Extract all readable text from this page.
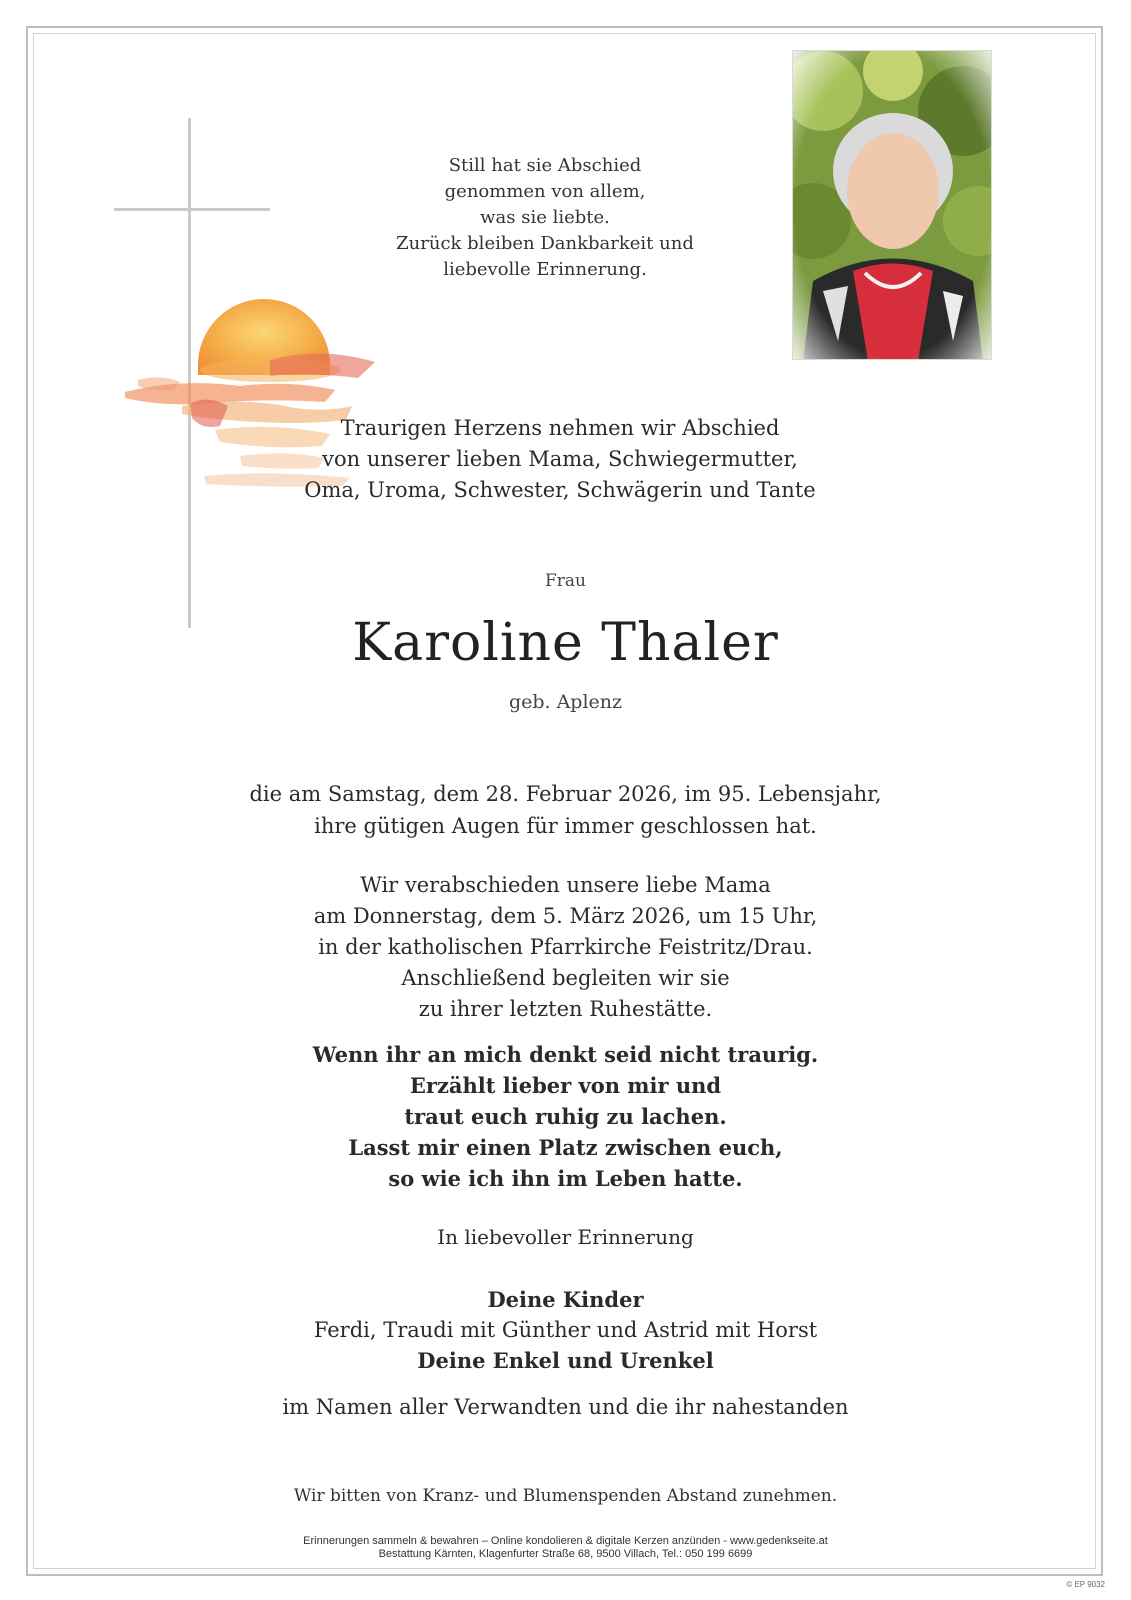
Still hat sie Abschied
genommen von allem,
was sie liebte.
Zurück bleiben Dankbarkeit und
liebevolle Erinnerung.
Traurigen Herzens nehmen wir Abschied
von unserer lieben Mama, Schwiegermutter,
Oma, Uroma, Schwester, Schwägerin und Tante
Frau
Karoline Thaler
geb. Aplenz
die am Samstag, dem 28. Februar 2026, im 95. Lebensjahr,
ihre gütigen Augen für immer geschlossen hat.
Wir verabschieden unsere liebe Mama
am Donnerstag, dem 5. März 2026, um 15 Uhr,
in der katholischen Pfarrkirche Feistritz/Drau.
Anschließend begleiten wir sie
zu ihrer letzten Ruhestätte.
Wenn ihr an mich denkt seid nicht traurig.
Erzählt lieber von mir und
traut euch ruhig zu lachen.
Lasst mir einen Platz zwischen euch,
so wie ich ihn im Leben hatte.
In liebevoller Erinnerung
Deine Kinder
Ferdi, Traudi mit Günther und Astrid mit Horst
Deine Enkel und Urenkel
im Namen aller Verwandten und die ihr nahestanden
Wir bitten von Kranz- und Blumenspenden Abstand zunehmen.
Erinnerungen sammeln & bewahren – Online kondolieren & digitale Kerzen anzünden - www.gedenkseite.at
Bestattung Kärnten, Klagenfurter Straße 68, 9500 Villach, Tel.: 050 199 6699
© EP 9032
